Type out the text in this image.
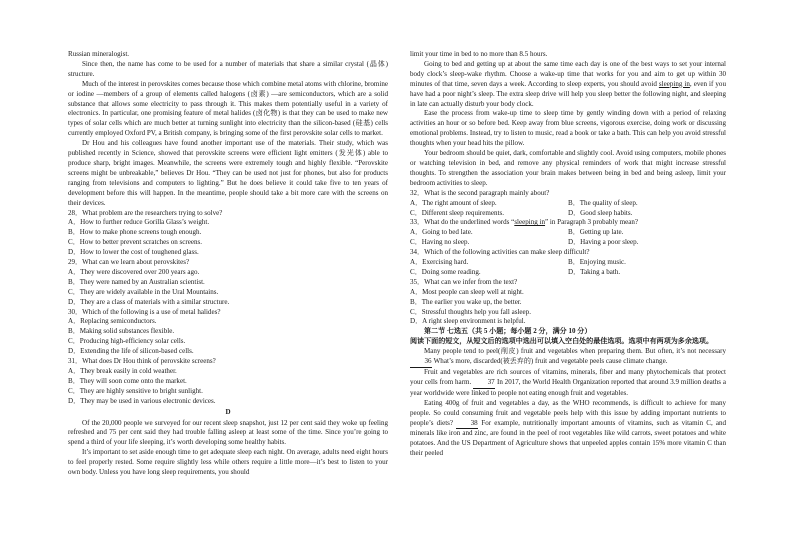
Russian mineralogist.

Since then, the name has come to be used for a number of materials that share a similar crystal (晶体) structure.

Much of the interest in perovskites comes because those which combine metal atoms with chlorine, bromine or iodine —members of a group of elements called halogens (卤素) —are semiconductors, which are a solid substance that allows some electricity to pass through it. This makes them potentially useful in a variety of electronics. In particular, one promising feature of metal halides (卤化物) is that they can be used to make new types of solar cells which are much better at turning sunlight into electricity than the silicon-based (硅基) cells currently employed Oxford PV, a British company, is bringing some of the first perovskite solar cells to market.

Dr Hou and his colleagues have found another important use of the materials. Their study, which was published recently in Science, showed that perovskite screens were efficient light emitters (发光体) able to produce sharp, bright images. Meanwhile, the screens were extremely tough and highly flexible. “Perovskite screens might be unbreakable,” believes Dr Hou. “They can be used not just for phones, but also for products ranging from televisions and computers to lighting.” But he does believe it could take five to ten years of development before this will happen. In the meantime, people should take a bit more care with the screens on their devices.

28．What problem are the researchers trying to solve?

A．How to further reduce Gorilla Glass’s weight.

B．How to make phone screens tough enough.

C．How to better prevent scratches on screens.

D．How to lower the cost of toughened glass.

29．What can we learn about perovskites?

A．They were discovered over 200 years ago.

B．They were named by an Australian scientist.

C．They are widely available in the Ural Mountains.

D．They are a class of materials with a similar structure.

30．Which of the following is a use of metal halides?

A．Replacing semiconductors.

B．Making solid substances flexible.

C．Producing high-efficiency solar cells.

D．Extending the life of silicon-based cells.

31．What does Dr Hou think of perovskite screens?

A．They break easily in cold weather.

B．They will soon come onto the market.

C．They are highly sensitive to bright sunlight.

D．They may be used in various electronic devices.

D

Of the 20,000 people we surveyed for our recent sleep snapshot, just 12 per cent said they woke up feeling refreshed and 75 per cent said they had trouble falling asleep at least some of the time. Since you’re going to spend a third of your life sleeping, it’s worth developing some healthy habits.

It’s important to set aside enough time to get adequate sleep each night. On average, adults need eight hours to feel properly rested. Some require slightly less while others require a little more—it’s best to listen to your own body. Unless you have long sleep requirements, you should

limit your time in bed to no more than 8.5 hours.

Going to bed and getting up at about the same time each day is one of the best ways to set your internal body clock’s sleep-wake rhythm. Choose a wake-up time that works for you and aim to get up within 30 minutes of that time, seven days a week. According to sleep experts, you should avoid sleeping in, even if you have had a poor night’s sleep. The extra sleep drive will help you sleep better the following night, and sleeping in late can actually disturb your body clock.

Ease the process from wake-up time to sleep time by gently winding down with a period of relaxing activities an hour or so before bed. Keep away from blue screens, vigorous exercise, doing work or discussing emotional problems. Instead, try to listen to music, read a book or take a bath. This can help you avoid stressful thoughts when your head hits the pillow.

Your bedroom should be quiet, dark, comfortable and slightly cool. Avoid using computers, mobile phones or watching television in bed, and remove any physical reminders of work that might increase stressful thoughts. To strengthen the association your brain makes between being in bed and being asleep, limit your bedroom activities to sleep.

32．What is the second paragraph mainly about?

A．The right amount of sleep.	B．The quality of sleep.
C．Different sleep requirements.	D．Good sleep habits.

33．What do the underlined words “sleeping in” in Paragraph 3 probably mean?

A．Going to bed late.	B．Getting up late.
C．Having no sleep.	D．Having a poor sleep.

34．Which of the following activities can make sleep difficult?

A．Exercising hard.	B．Enjoying music.
C．Doing some reading.	D．Taking a bath.

35．What can we infer from the text?

A．Most people can sleep well at night.

B．The earlier you wake up, the better.

C．Stressful thoughts help you fall asleep.

D．A right sleep environment is helpful.

第二节 七选五（共 5 小题；每小题 2 分，满分 10 分）

阅读下面的短文，从短文后的选项中选出可以填入空白处的最佳选项。选项中有两项为多余选项。

Many people tend to peel(削皮) fruit and vegetables when preparing them. But often, it’s not necessary 36 What’s more, discarded(被丢弃的) fruit and vegetable peels cause climate change.

Fruit and vegetables are rich sources of vitamins, minerals, fiber and many phytochemicals that protect your cells from harm. 37 In 2017, the World Health Organization reported that around 3.9 million deaths a year worldwide were linked to people not eating enough fruit and vegetables.

Eating 400g of fruit and vegetables a day, as the WHO recommends, is difficult to achieve for many people. So could consuming fruit and vegetable peels help with this issue by adding important nutrients to people’s diets? 38 For example, nutritionally important amounts of vitamins, such as vitamin C, and minerals like iron and zinc, are found in the peel of root vegetables like wild carrots, sweet potatoes and white potatoes. And the US Department of Agriculture shows that unpeeled apples contain 15% more vitamin C than their peeled
